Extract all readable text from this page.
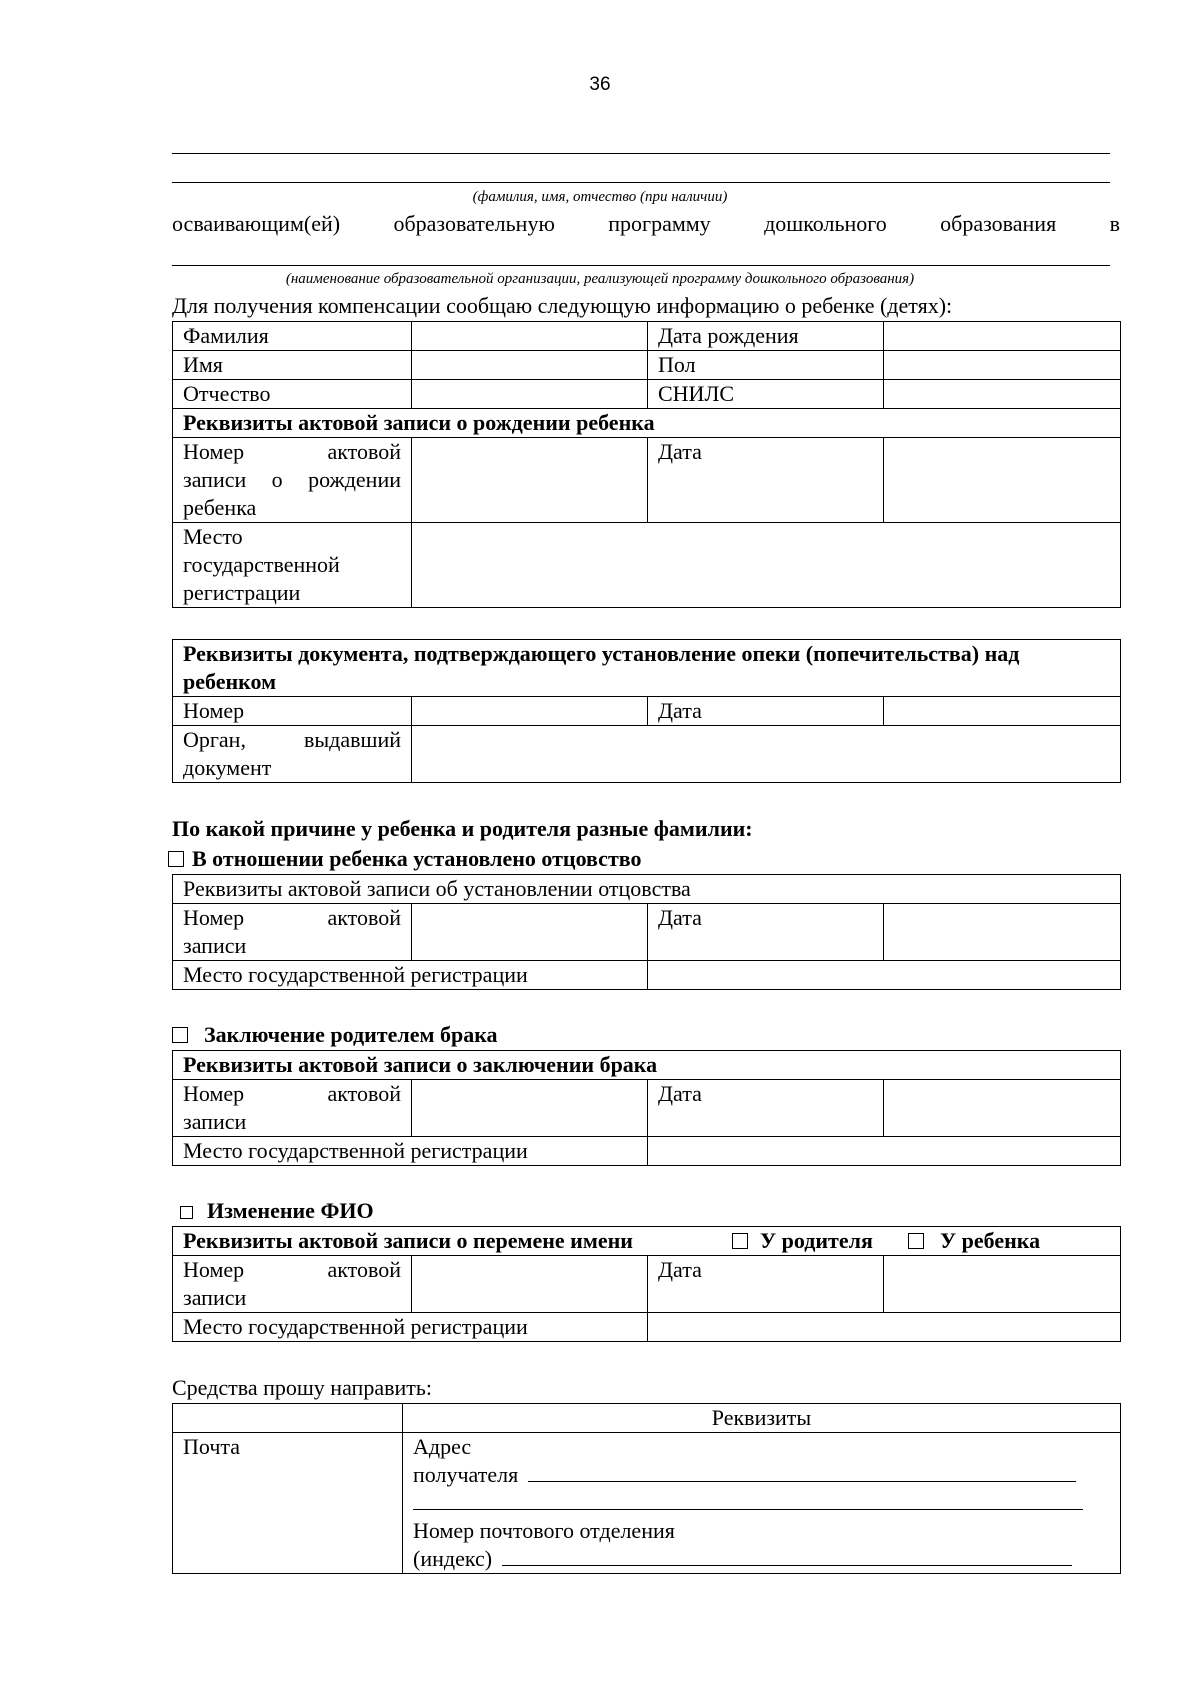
36
(фамилия, имя, отчество (при наличии)
осваивающим(ей) образовательную программу дошкольного образования в
(наименование образовательной организации, реализующей программу дошкольного образования)
Для получения компенсации сообщаю следующую информацию о ребенке (детях):
Фамилия		Дата рождения	
Имя		Пол	
Отчество		СНИЛС	
Реквизиты актовой записи о рождении ребенка			

Номер актовой
записи о рождении ребенка		Дата	
Место государственной регистрации			
Реквизиты документа, подтверждающего установление опеки (попечительства) над ребенком			
Номер		Дата	

Орган, выдавший
документ			

По какой причине у ребенка и родителя разные фамилии:
В отношении ребенка установлено отцовство
Реквизиты актовой записи об установлении отцовства			

Номер актовой
записи		Дата	
Место государственной регистрации			
Заключение родителем брака
Реквизиты актовой записи о заключении брака			

Номер актовой
записи		Дата	
Место государственной регистрации			
Изменение ФИО
Реквизиты актовой записи о перемене имени У родителя У ребенка			

Номер актовой
записи		Дата	
Место государственной регистрации			
Средства прошу направить:
	Реквизиты
Почта	Адрес
получателя
Номер почтового отделения
(индекс)
